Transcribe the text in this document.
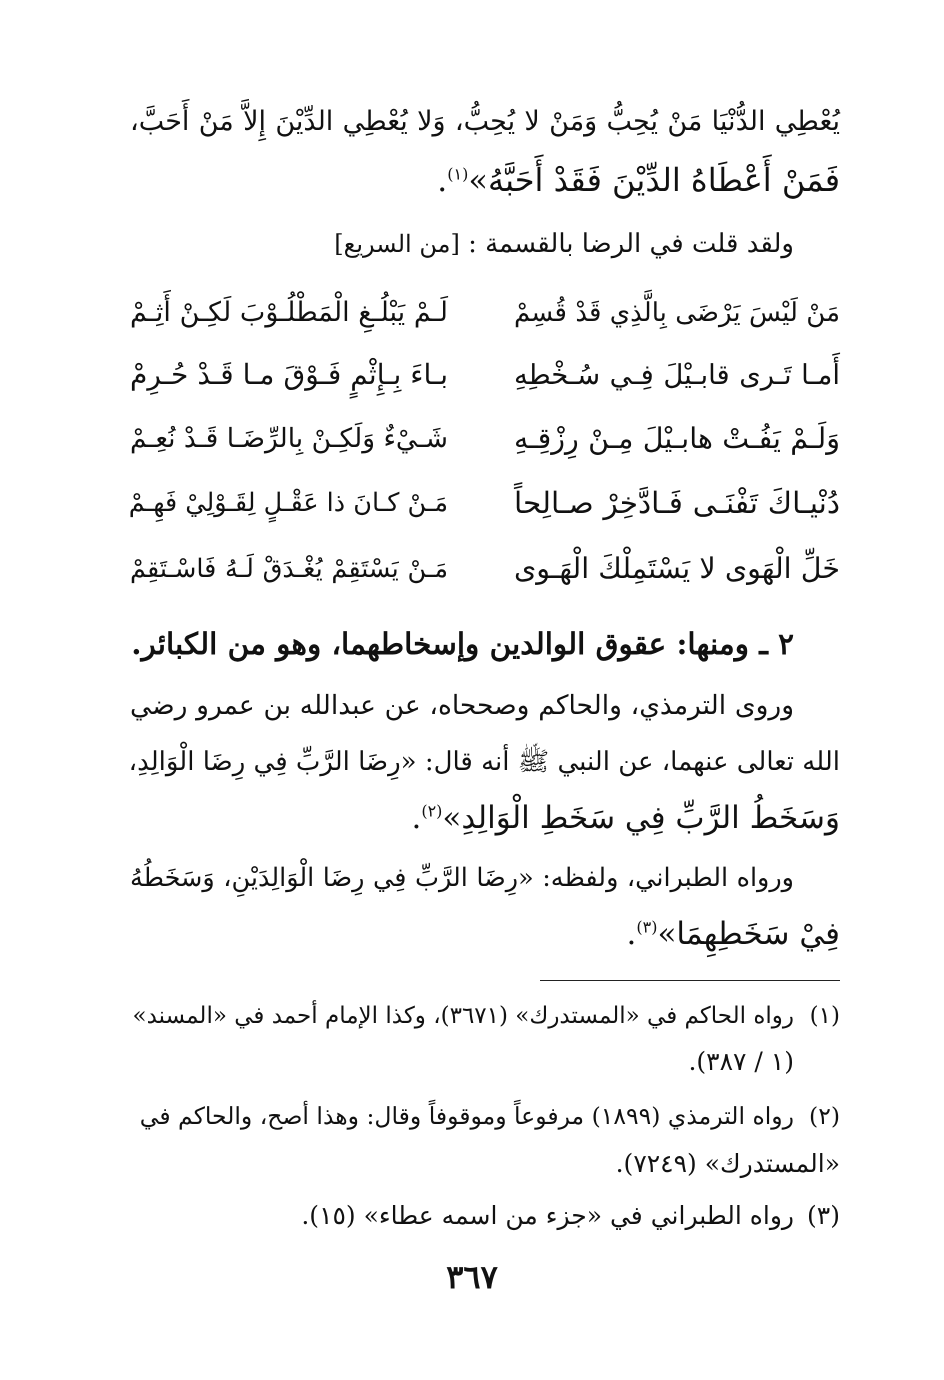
يُعْطِي الدُّنْيَا مَنْ يُحِبُّ وَمَنْ لا يُحِبُّ، وَلا يُعْطِي الدِّيْنَ إِلاَّ مَنْ أَحَبَّ،
فَمَنْ أَعْطَاهُ الدِّيْنَ فَقَدْ أَحَبَّهُ»$^{(١)}$.
ولقد قلت في الرضا بالقسمة : [من السريع]
مَنْ لَيْسَ يَرْضَى بِالَّذِي قَدْ قُسِمْ
لَـمْ يَبْلُـغِ الْمَطْلُـوْبَ لَكِـنْ أَثِـمْ
أَمـا تَـرى قابـيْلَ فِـي سُـخْطِهِ
بـاءَ بِـإِثْمٍ فَـوْقَ مـا قَـدْ حُـرِمْ
وَلَـمْ يَفُـتْ هابـيْلَ مِـنْ رِزْقِـهِ
شَـيْءٌ وَلَكِـنْ بِالرِّضَـا قَـدْ نُعِـمْ
دُنْيـاكَ تَفْنَـى فَـادَّخِرْ صـالِحاً
مَـنْ كـانَ ذا عَقْـلٍ لِقَـوْلِيْ فَهِـمْ
خَلِّ الْهَوى لا يَسْتَمِلْكَ الْهَـوى
مَـنْ يَسْتَقِمْ يُغْـدَقْ لَـهُ فَاسْـتَقِمْ
٢ ـ ومنها: عقوق الوالدين وإسخاطهما، وهو من الكبائر.
وروى الترمذي، والحاكم وصححاه، عن عبدالله بن عمرو رضي
الله تعالى عنهما، عن النبي ﷺ أنه قال: «رِضَا الرَّبِّ فِي رِضَا الْوَالِدِ،
وَسَخَطُ الرَّبِّ فِي سَخَطِ الْوَالِدِ»$^{(٢)}$.
ورواه الطبراني، ولفظه: «رِضَا الرَّبِّ فِي رِضَا الْوَالِدَيْنِ، وَسَخَطُهُ
فِيْ سَخَطِهِمَا»$^{(٣)}$.
(١)رواه الحاكم في «المستدرك» (٣٦٧١)، وكذا الإمام أحمد في «المسند»
(١ / ٣٨٧).
(٢)رواه الترمذي (١٨٩٩) مرفوعاً وموقوفاً وقال: وهذا أصح، والحاكم في
«المستدرك» (٧٢٤٩).
(٣)رواه الطبراني في «جزء من اسمه عطاء» (١٥).
٣٦٧
